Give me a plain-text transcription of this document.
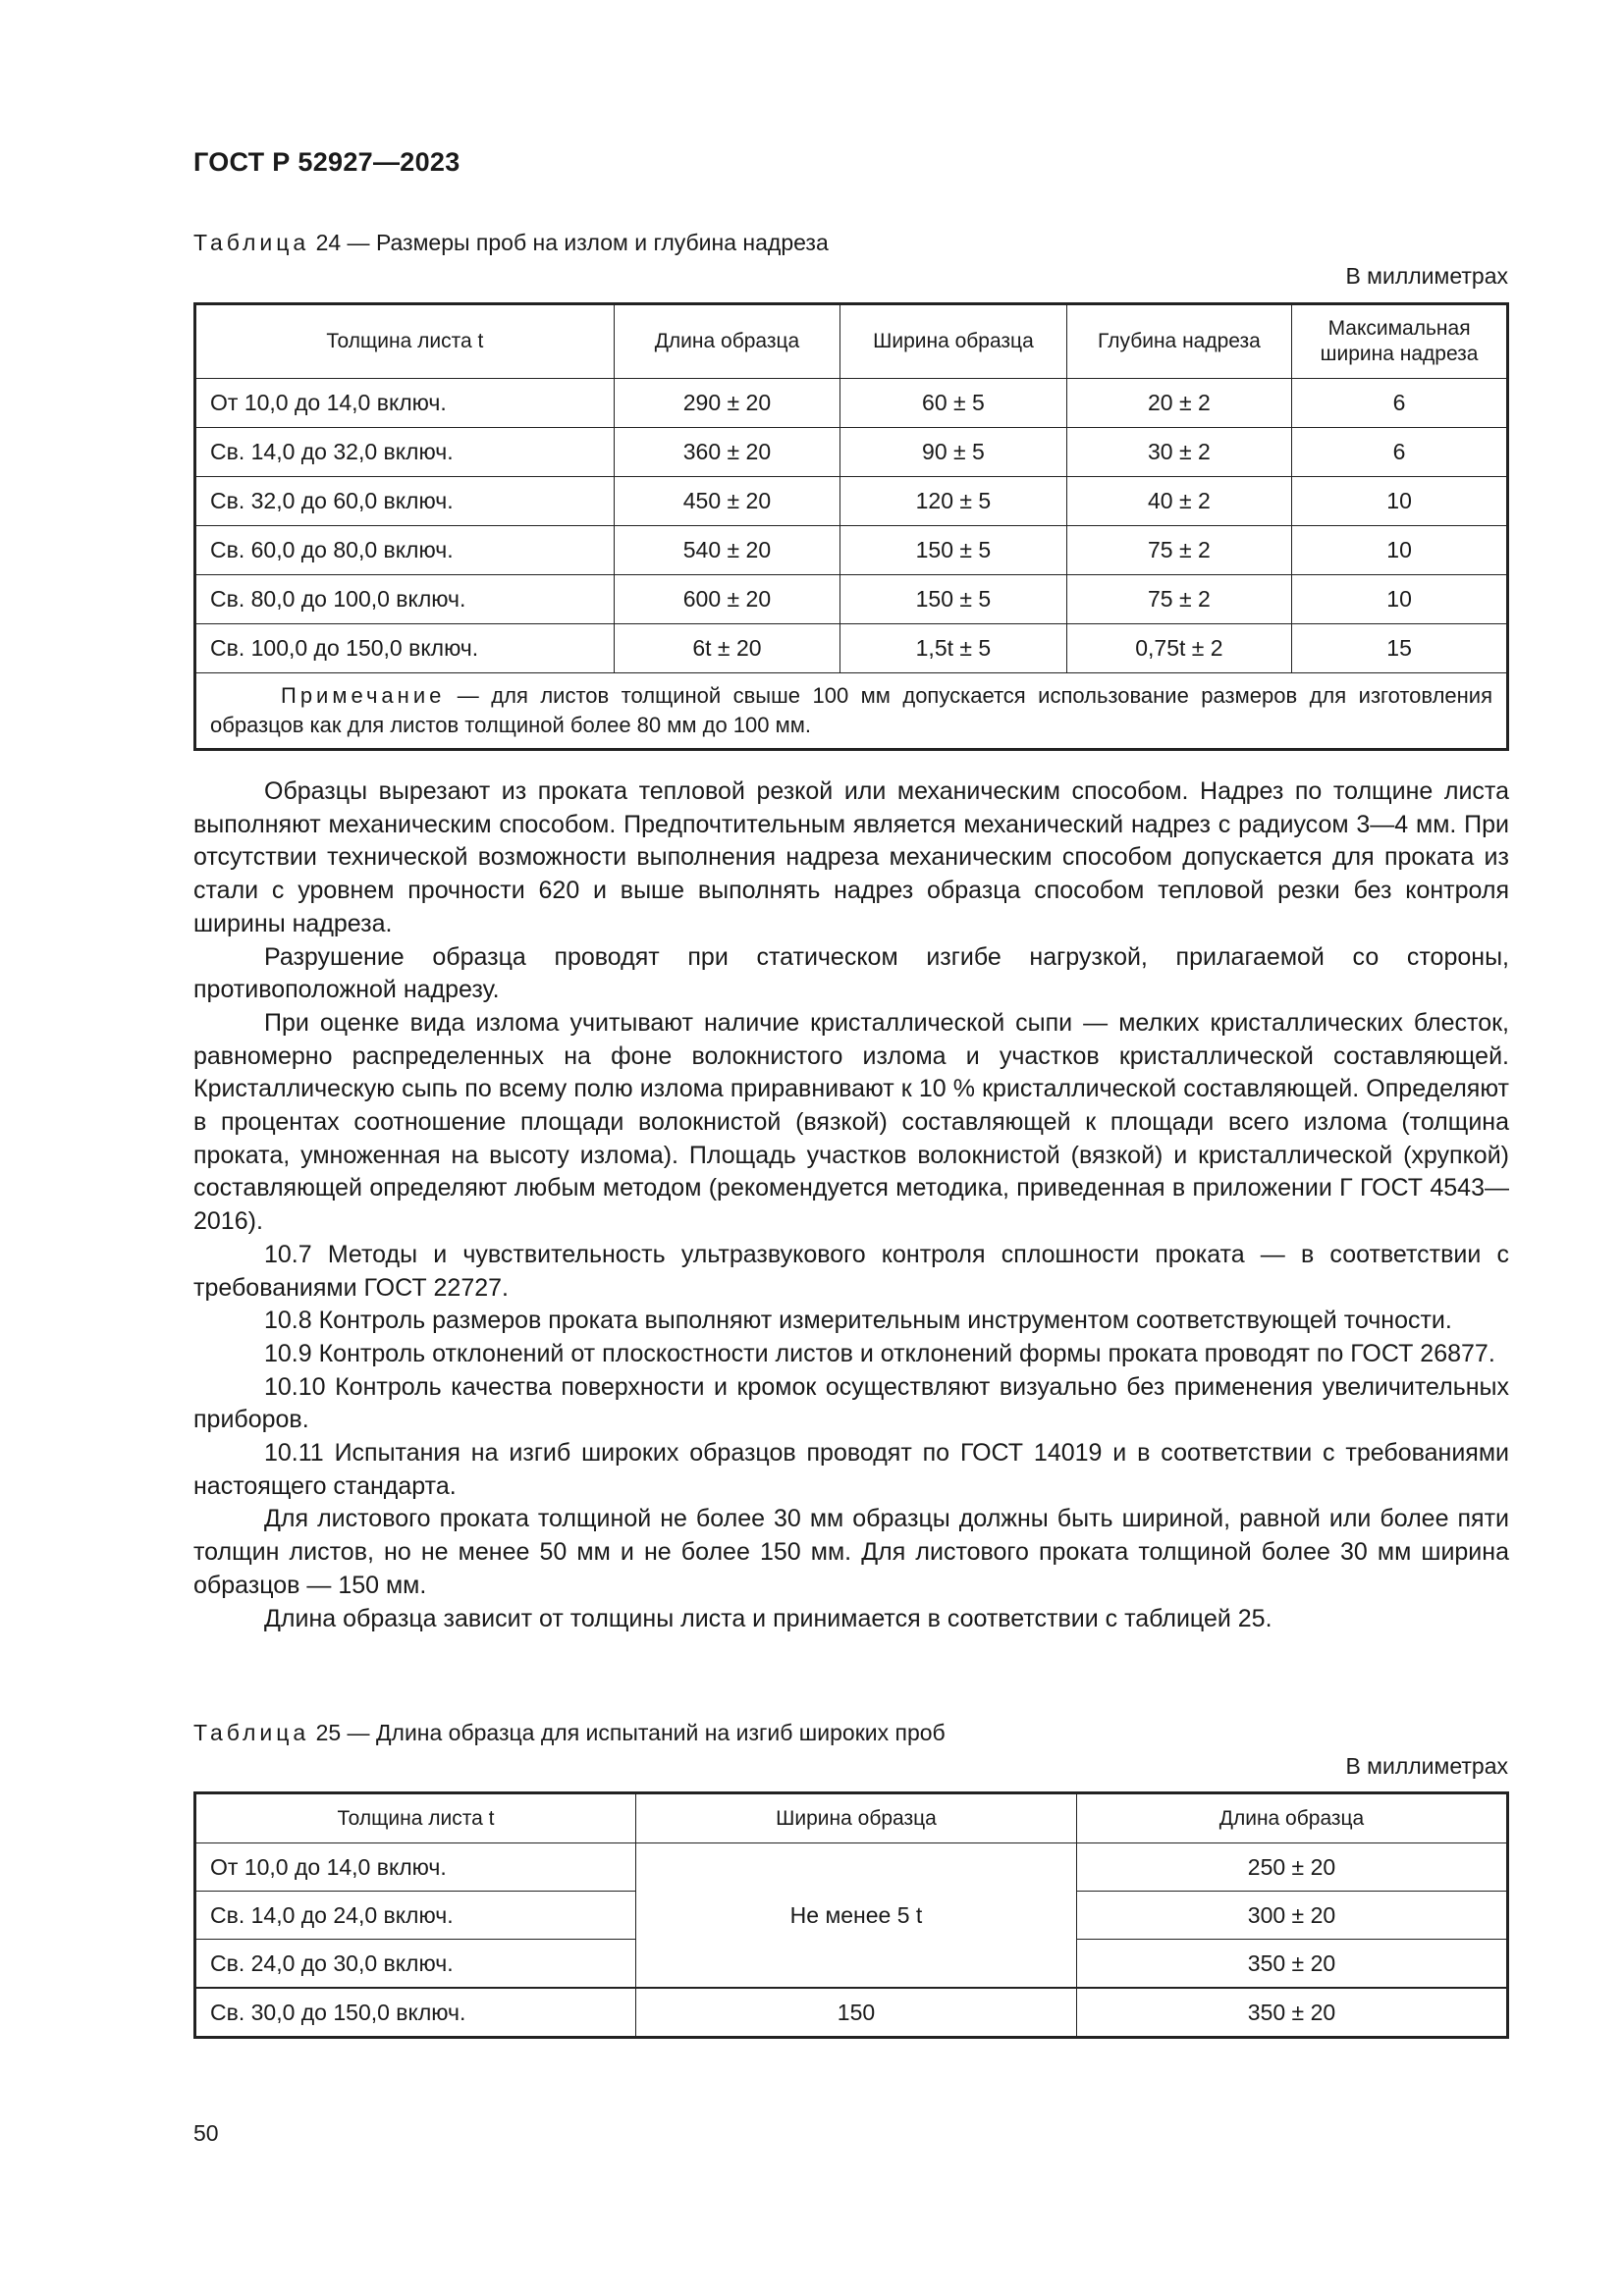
ГОСТ Р 52927—2023
Таблица 24 — Размеры проб на излом и глубина надреза
В миллиметрах
Толщина листа t	Длина образца	Ширина образца	Глубина надреза	Максимальная ширина надреза
От 10,0 до 14,0 включ.	290 ± 20	60 ± 5	20 ± 2	6
Св. 14,0 до 32,0 включ.	360 ± 20	90 ± 5	30 ± 2	6
Св. 32,0 до 60,0 включ.	450 ± 20	120 ± 5	40 ± 2	10
Св. 60,0 до 80,0 включ.	540 ± 20	150 ± 5	75 ± 2	10
Св. 80,0 до 100,0 включ.	600 ± 20	150 ± 5	75 ± 2	10
Св. 100,0 до 150,0 включ.	6t ± 20	1,5t ± 5	0,75t ± 2	15
Примечание — для листов толщиной свыше 100 мм допускается использование размеров для изготовления образцов как для листов толщиной более 80 мм до 100 мм.				

Образцы вырезают из проката тепловой резкой или механическим способом. Надрез по толщине листа выполняют механическим способом. Предпочтительным является механический надрез с радиусом 3—4 мм. При отсутствии технической возможности выполнения надреза механическим способом допускается для проката из стали с уровнем прочности 620 и выше выполнять надрез образца способом тепловой резки без контроля ширины надреза.

Разрушение образца проводят при статическом изгибе нагрузкой, прилагаемой со стороны, противоположной надрезу.

При оценке вида излома учитывают наличие кристаллической сыпи — мелких кристаллических блесток, равномерно распределенных на фоне волокнистого излома и участков кристаллической составляющей. Кристаллическую сыпь по всему полю излома приравнивают к 10 % кристаллической составляющей. Определяют в процентах соотношение площади волокнистой (вязкой) составляющей к площади всего излома (толщина проката, умноженная на высоту излома). Площадь участков волокнистой (вязкой) и кристаллической (хрупкой) составляющей определяют любым методом (рекомендуется методика, приведенная в приложении Г ГОСТ 4543—2016).

10.7 Методы и чувствительность ультразвукового контроля сплошности проката — в соответствии с требованиями ГОСТ 22727.

10.8 Контроль размеров проката выполняют измерительным инструментом соответствующей точности.

10.9 Контроль отклонений от плоскостности листов и отклонений формы проката проводят по ГОСТ 26877.

10.10 Контроль качества поверхности и кромок осуществляют визуально без применения увеличительных приборов.

10.11 Испытания на изгиб широких образцов проводят по ГОСТ 14019 и в соответствии с требованиями настоящего стандарта.

Для листового проката толщиной не более 30 мм образцы должны быть шириной, равной или более пяти толщин листов, но не менее 50 мм и не более 150 мм. Для листового проката толщиной более 30 мм ширина образцов — 150 мм.

Длина образца зависит от толщины листа и принимается в соответствии с таблицей 25.

Таблица 25 — Длина образца для испытаний на изгиб широких проб
В миллиметрах
Толщина листа t	Ширина образца	Длина образца
От 10,0 до 14,0 включ.	Не менее 5 t	250 ± 20
Св. 14,0 до 24,0 включ.		300 ± 20
Св. 24,0 до 30,0 включ.		350 ± 20
Св. 30,0 до 150,0 включ.	150	350 ± 20
50
